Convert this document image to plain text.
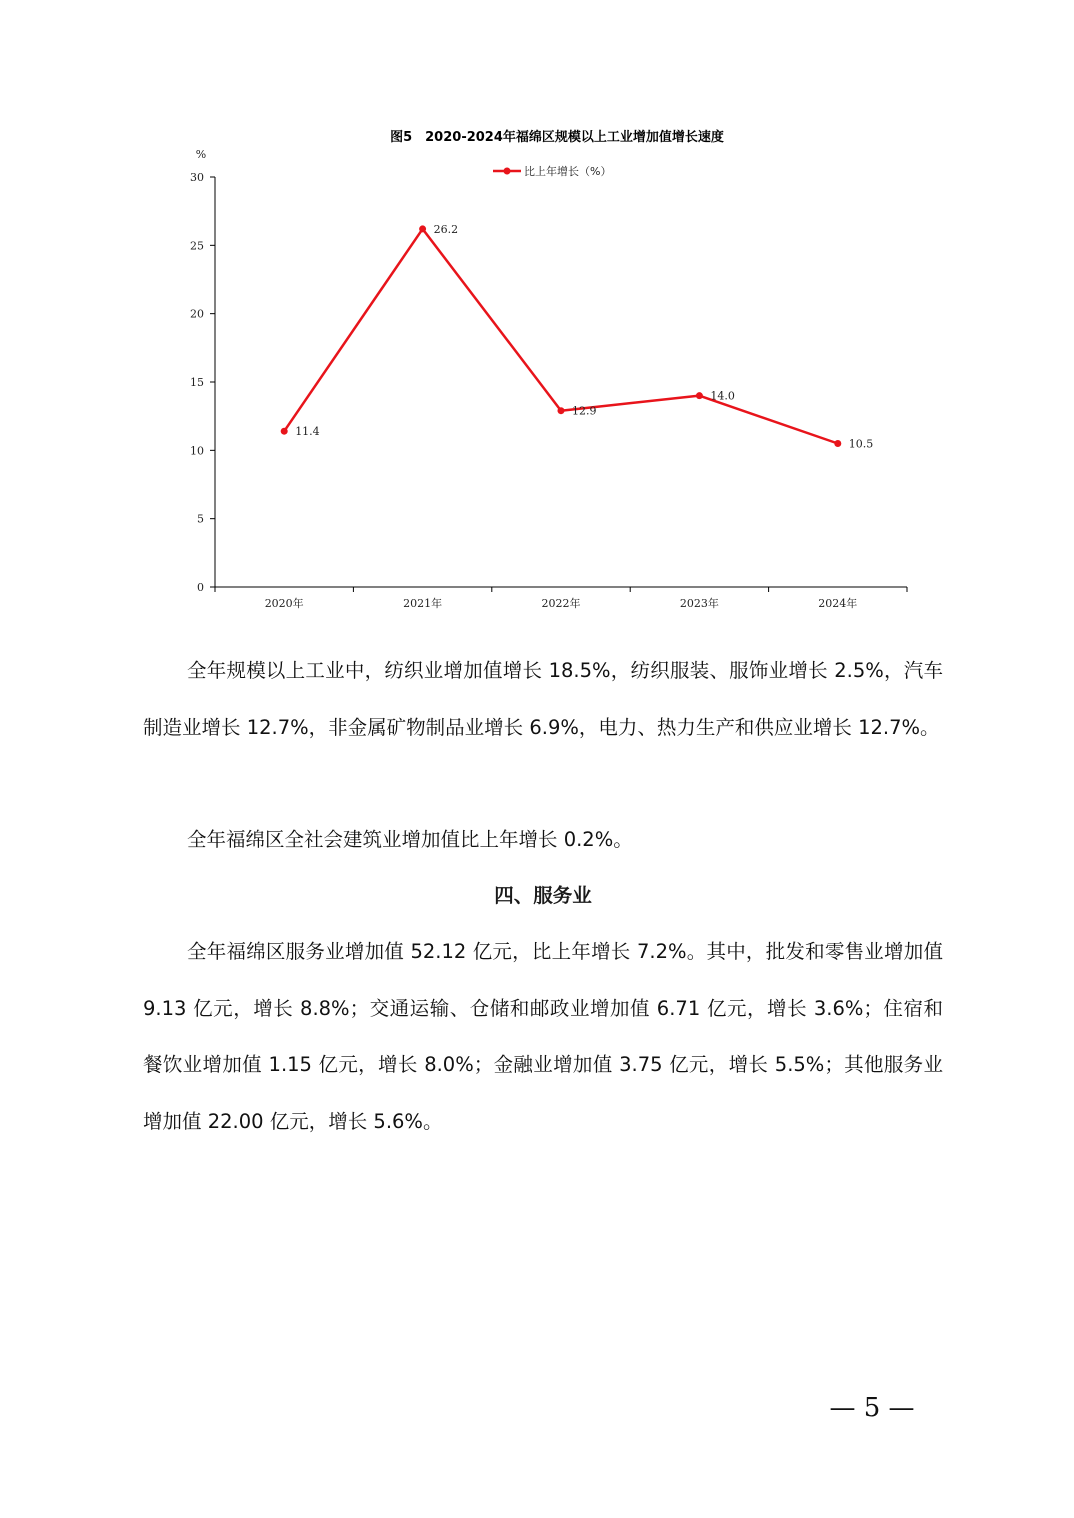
图5　2020-2024年福绵区规模以上工业增加值增长速度
%
比上年增长（%）
0
5
10
15
20
25
30
2020年	2021年	2022年	2023年	2024年
11.4
26.2
12.9
14.0
10.5

全年规模以上工业中，纺织业增加值增长 18.5%，纺织服装、服饰业增长 2.5%，汽车制造业增长 12.7%，非金属矿物制品业增长 6.9%，电力、热力生产和供应业增长 12.7%。

全年福绵区全社会建筑业增加值比上年增长 0.2%。

四、服务业

全年福绵区服务业增加值 52.12 亿元，比上年增长 7.2%。其中，批发和零售业增加值 9.13 亿元，增长 8.8%；交通运输、仓储和邮政业增加值 6.71 亿元，增长 3.6%；住宿和餐饮业增加值 1.15 亿元，增长 8.0%；金融业增加值 3.75 亿元，增长 5.5%；其他服务业增加值 22.00 亿元，增长 5.6%。

— 5 —
